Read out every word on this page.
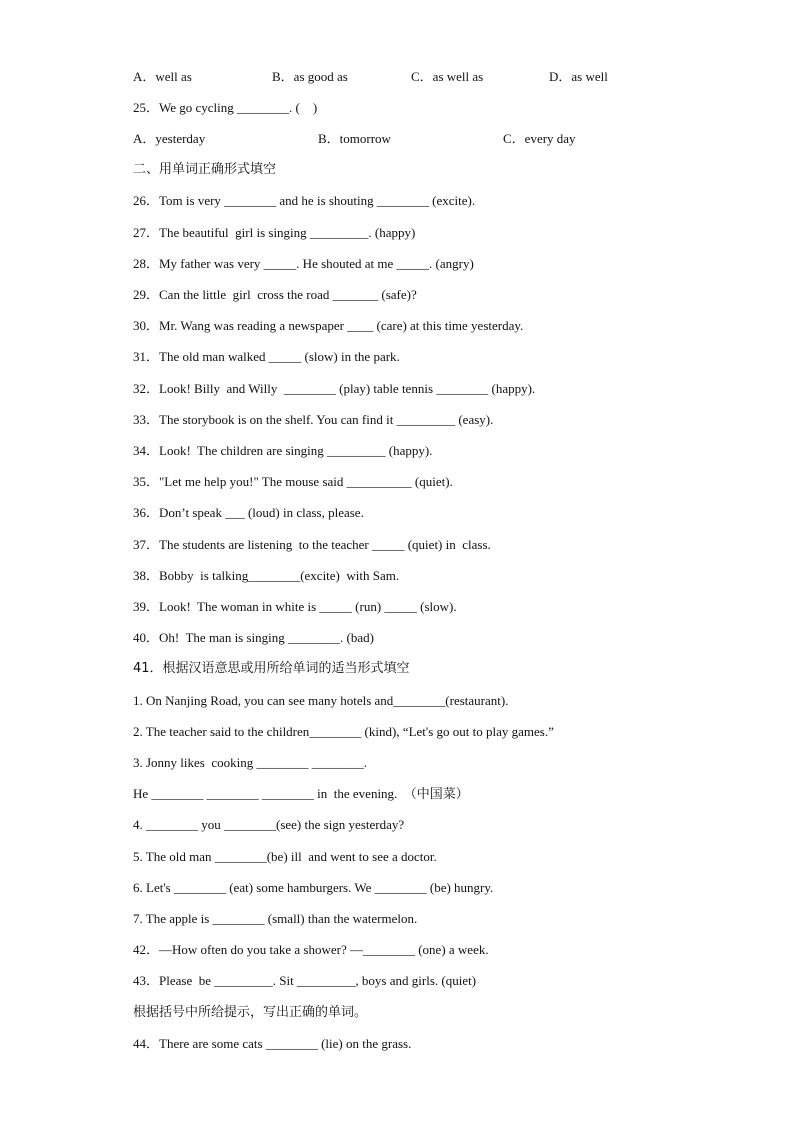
A．well as	B．as good as	C．as well as	D．as well
25．We go cycling ________. (    )
A．yesterday	B．tomorrow	C．every day
二、用单词正确形式填空
26．Tom is very ________ and he is shouting ________ (excite).
27．The beautiful  girl is singing _________. (happy)
28．My father was very _____. He shouted at me _____. (angry)
29．Can the little  girl  cross the road _______ (safe)?
30．Mr. Wang was reading a newspaper ____ (care) at this time yesterday.
31．The old man walked _____ (slow) in the park.
32．Look! Billy  and Willy  ________ (play) table tennis ________ (happy).
33．The storybook is on the shelf. You can find it _________ (easy).
34．Look!  The children are singing _________ (happy).
35．"Let me help you!" The mouse said __________ (quiet).
36．Don’t speak ___ (loud) in class, please.
37．The students are listening  to the teacher _____ (quiet) in  class.
38．Bobby  is talking________(excite)  with Sam.
39．Look!  The woman in white is _____ (run) _____ (slow).
40．Oh!  The man is singing ________. (bad)
41．根据汉语意思或用所给单词的适当形式填空
1. On Nanjing Road, you can see many hotels and________(restaurant).
2. The teacher said to the children________ (kind), “Let's go out to play games.”
3. Jonny likes  cooking ________ ________.
He ________ ________ ________ in  the evening.  （中国菜）
4. ________ you ________(see) the sign yesterday?
5. The old man ________(be) ill  and went to see a doctor.
6. Let's ________ (eat) some hamburgers. We ________ (be) hungry.
7. The apple is ________ (small) than the watermelon.
42．—How often do you take a shower? —________ (one) a week.
43．Please  be _________. Sit _________, boys and girls. (quiet)
根据括号中所给提示，写出正确的单词。
44．There are some cats ________ (lie) on the grass.
